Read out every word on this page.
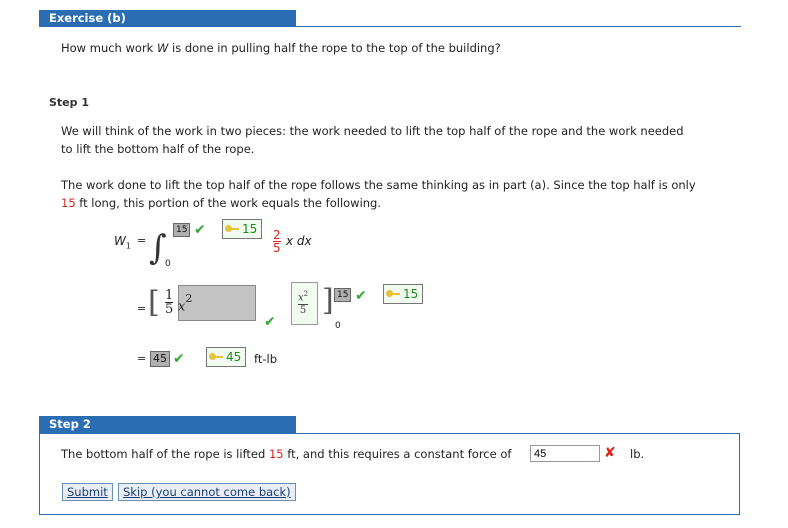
Exercise (b)
How much work W is done in pulling half the rope to the top of the building?
Step 1
We will think of the work in two pieces: the work needed to lift the top half of the rope and the work needed
to lift the bottom half of the rope.
The work done to lift the top half of the rope follows the same thinking as in part (a). Since the top half is only
15 ft long, this portion of the work equals the following.
$W_1$ = ∫
0
15 ✔	15 2
5 x dx
= [ 1
5 $x^2$
✔
$x^2$
5 ] 15 ✔	15
0
= 45 ✔	45 ft-lb
Step 2
The bottom half of the rope is lifted 15 ft, and this requires a constant force of
45	✘ lb.
Submit	Skip (you cannot come back)
